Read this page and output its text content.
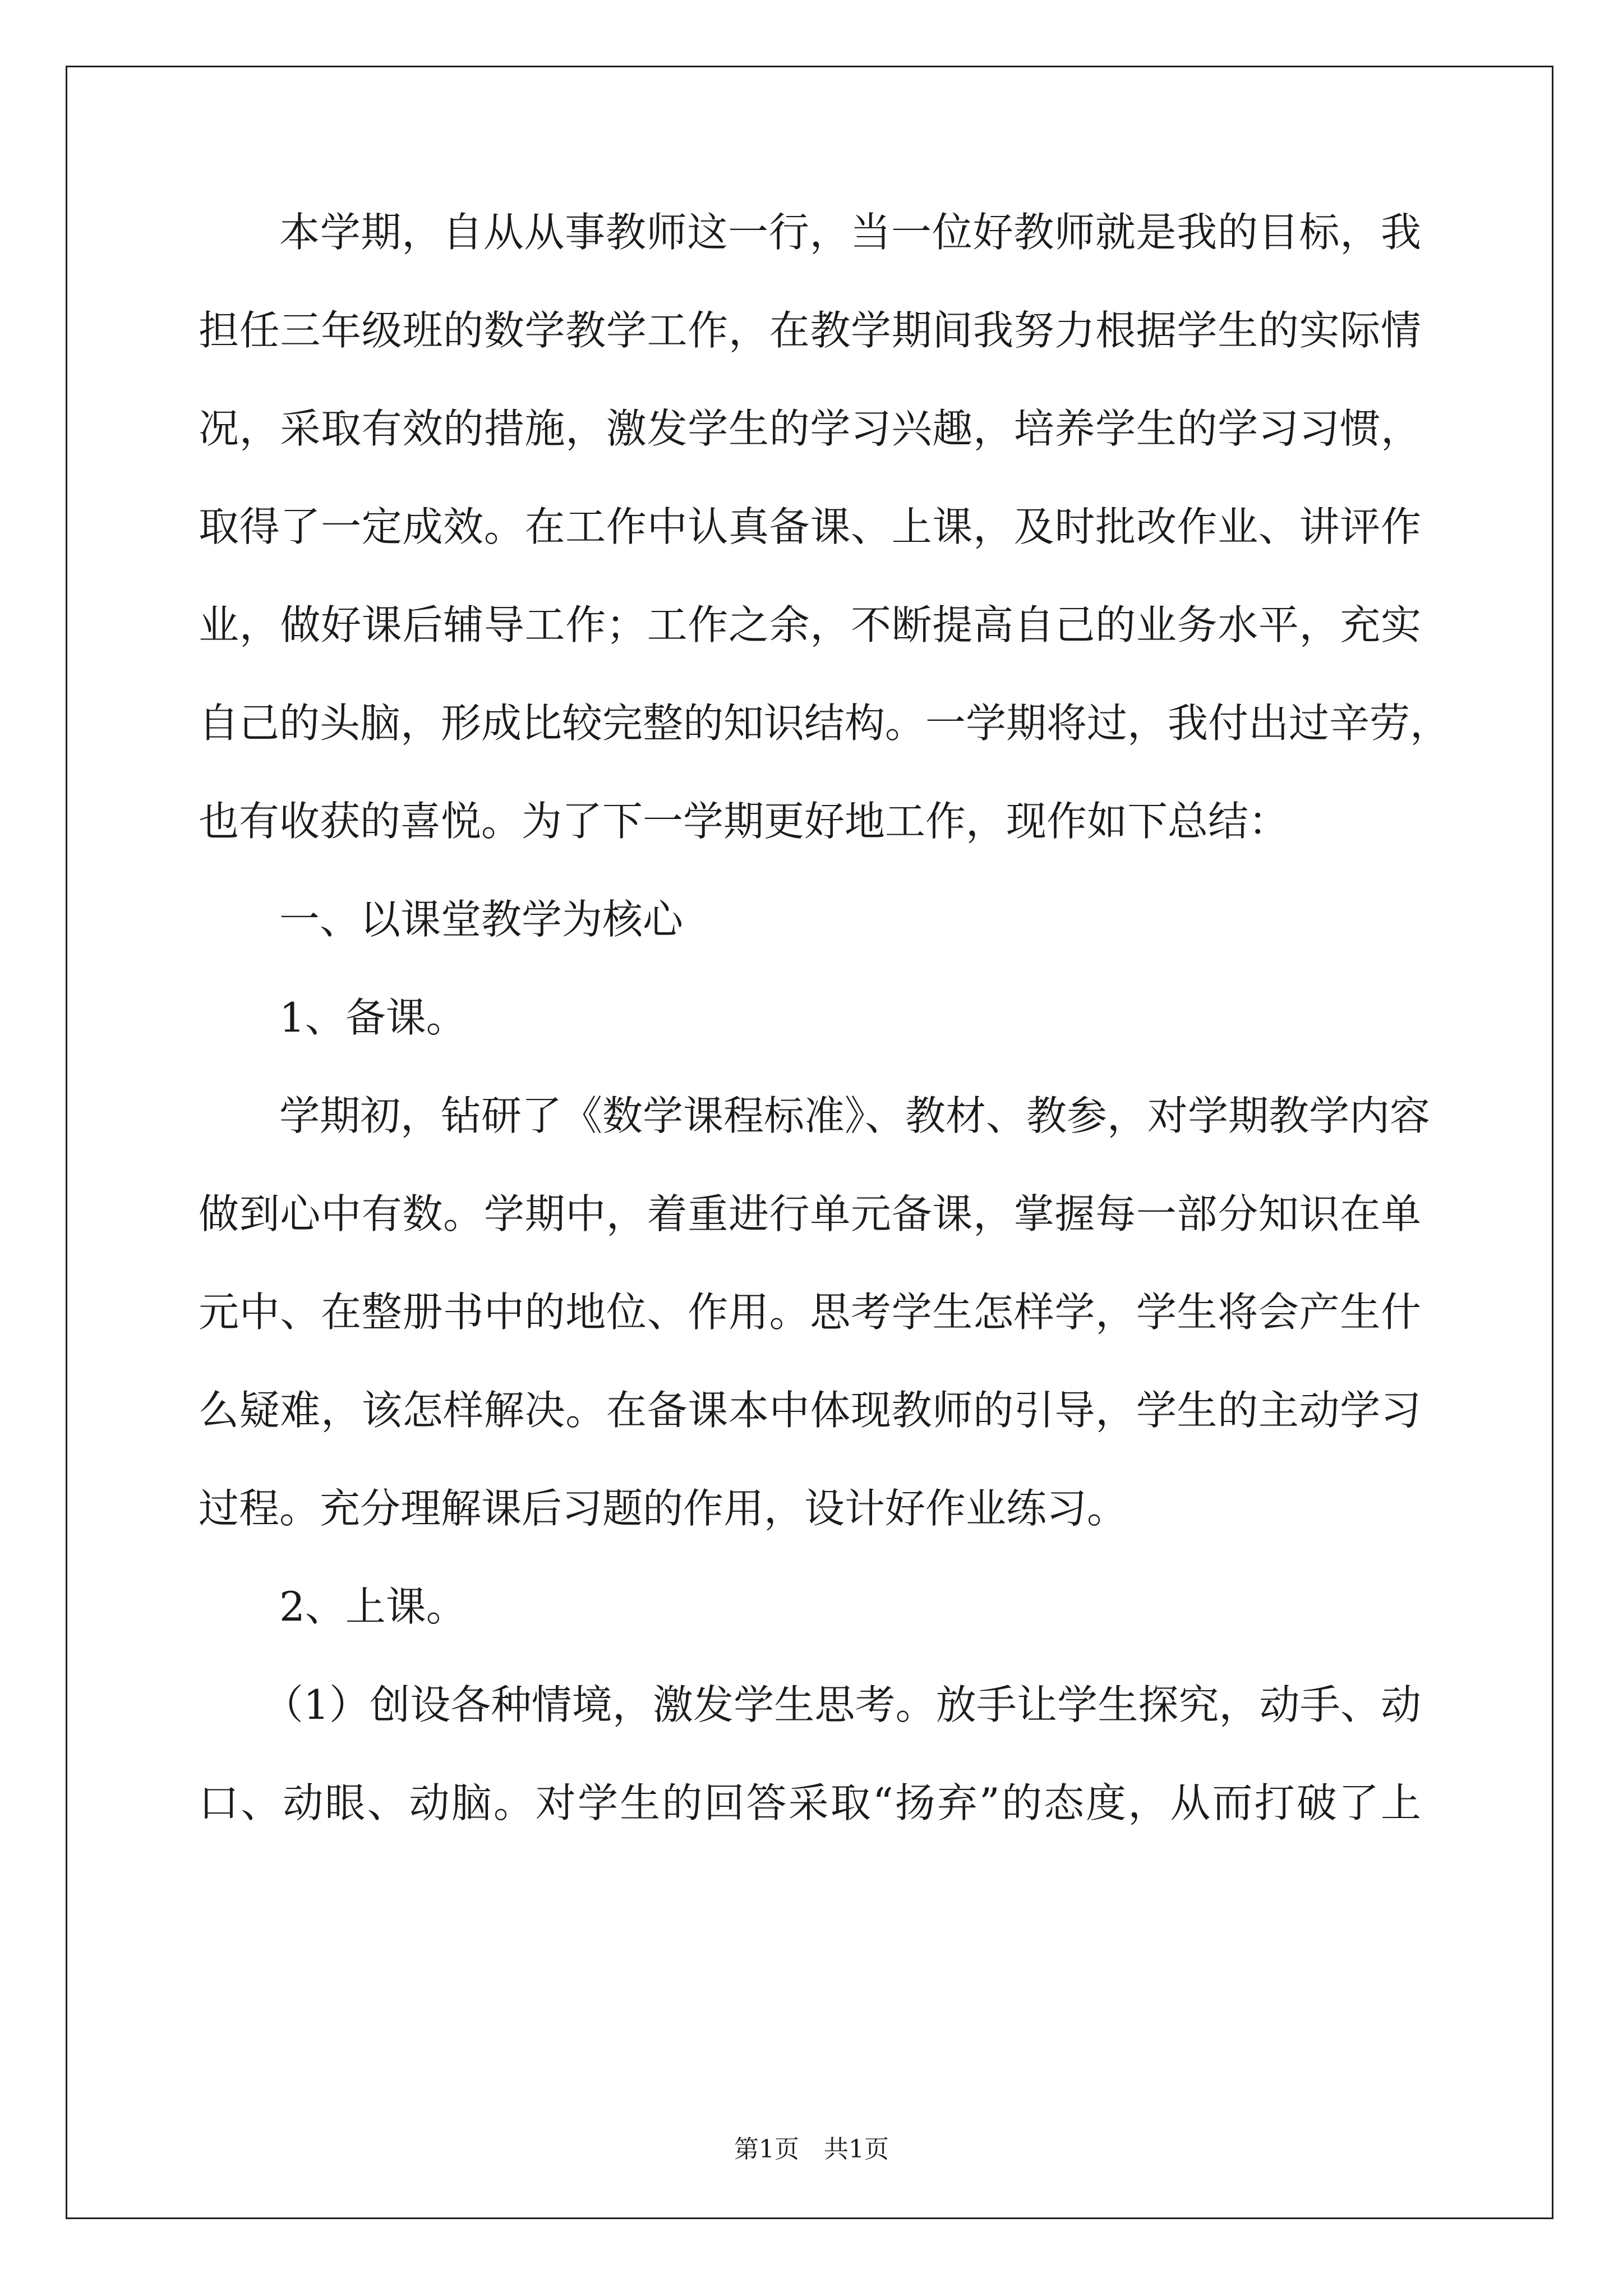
本学期，自从从事教师这一行，当一位好教师就是我的目标，我
担任三年级班的数学教学工作，在教学期间我努力根据学生的实际情
况，采取有效的措施，激发学生的学习兴趣，培养学生的学习习惯，
取得了一定成效。在工作中认真备课、上课，及时批改作业、讲评作
业，做好课后辅导工作；工作之余，不断提高自己的业务水平，充实
自己的头脑，形成比较完整的知识结构。一学期将过，我付出过辛劳，
也有收获的喜悦。为了下一学期更好地工作，现作如下总结：
一、以课堂教学为核心
1、备课。
学期初，钻研了《数学课程标准》、教材、教参，对学期教学内容
做到心中有数。学期中，着重进行单元备课，掌握每一部分知识在单
元中、在整册书中的地位、作用。思考学生怎样学，学生将会产生什
么疑难，该怎样解决。在备课本中体现教师的引导，学生的主动学习
过程。充分理解课后习题的作用，设计好作业练习。
2、上课。
（1）创设各种情境，激发学生思考。放手让学生探究，动手、动
口、动眼、动脑。对学生的回答采取“扬弃”的态度，从而打破了上
第1页　共1页
